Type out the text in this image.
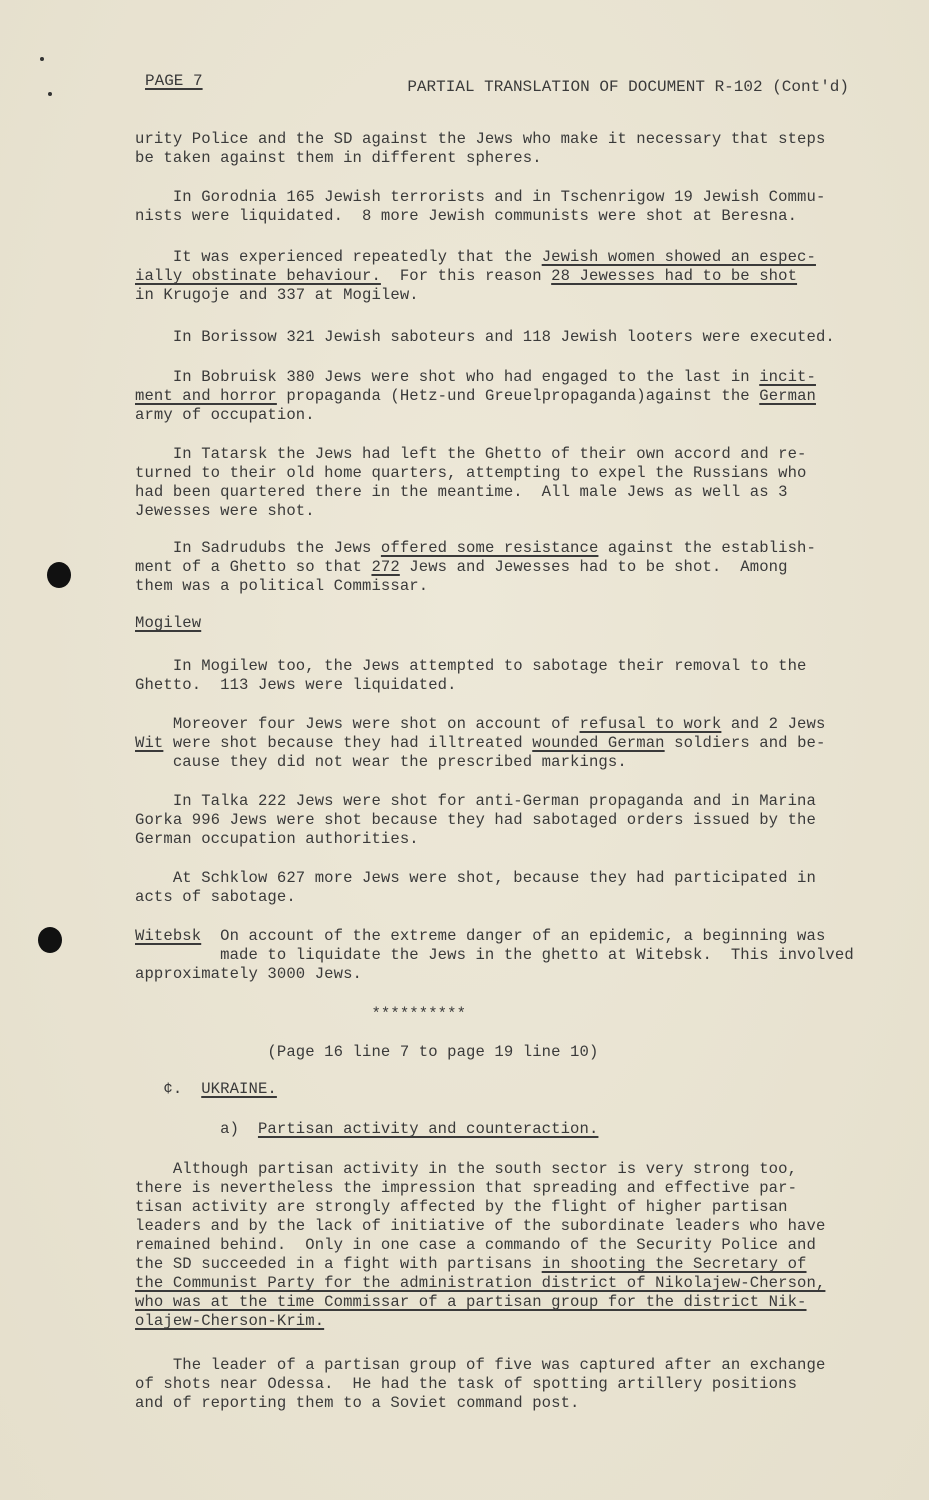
PAGE 7	PARTIAL TRANSLATION OF DOCUMENT R-102 (Cont'd)
urity Police and the SD against the Jews who make it necessary that steps
be taken against them in different spheres.
In Gorodnia 165 Jewish terrorists and in Tschenrigow 19 Jewish Commu-
nists were liquidated.  8 more Jewish communists were shot at Beresna.
It was experienced repeatedly that the Jewish women showed an espec-
ially obstinate behaviour.  For this reason 28 Jewesses had to be shot
in Krugoje and 337 at Mogilew.
In Borissow 321 Jewish saboteurs and 118 Jewish looters were executed.
In Bobruisk 380 Jews were shot who had engaged to the last in incit-
ment and horror propaganda (Hetz-und Greuelpropaganda)against the German
army of occupation.
In Tatarsk the Jews had left the Ghetto of their own accord and re-
turned to their old home quarters, attempting to expel the Russians who
had been quartered there in the meantime.  All male Jews as well as 3
Jewesses were shot.
In Sadrudubs the Jews offered some resistance against the establish-
ment of a Ghetto so that 272 Jews and Jewesses had to be shot.  Among
them was a political Commissar.
Mogilew
In Mogilew too, the Jews attempted to sabotage their removal to the
Ghetto.  113 Jews were liquidated.
Moreover four Jews were shot on account of refusal to work and 2 Jews
Wit were shot because they had illtreated wounded German soldiers and be-
cause they did not wear the prescribed markings.
In Talka 222 Jews were shot for anti-German propaganda and in Marina
Gorka 996 Jews were shot because they had sabotaged orders issued by the
German occupation authorities.
At Schklow 627 more Jews were shot, because they had participated in
acts of sabotage.
Witebsk  On account of the extreme danger of an epidemic, a beginning was
made to liquidate the Jews in the ghetto at Witebsk.  This involved
approximately 3000 Jews.
**********
(Page 16 line 7 to page 19 line 10)
¢.  UKRAINE.
a)  Partisan activity and counteraction.
Although partisan activity in the south sector is very strong too,
there is nevertheless the impression that spreading and effective par-
tisan activity are strongly affected by the flight of higher partisan
leaders and by the lack of initiative of the subordinate leaders who have
remained behind.  Only in one case a commando of the Security Police and
the SD succeeded in a fight with partisans in shooting the Secretary of
the Communist Party for the administration district of Nikolajew-Cherson,
who was at the time Commissar of a partisan group for the district Nik-
olajew-Cherson-Krim.
The leader of a partisan group of five was captured after an exchange
of shots near Odessa.  He had the task of spotting artillery positions
and of reporting them to a Soviet command post.
